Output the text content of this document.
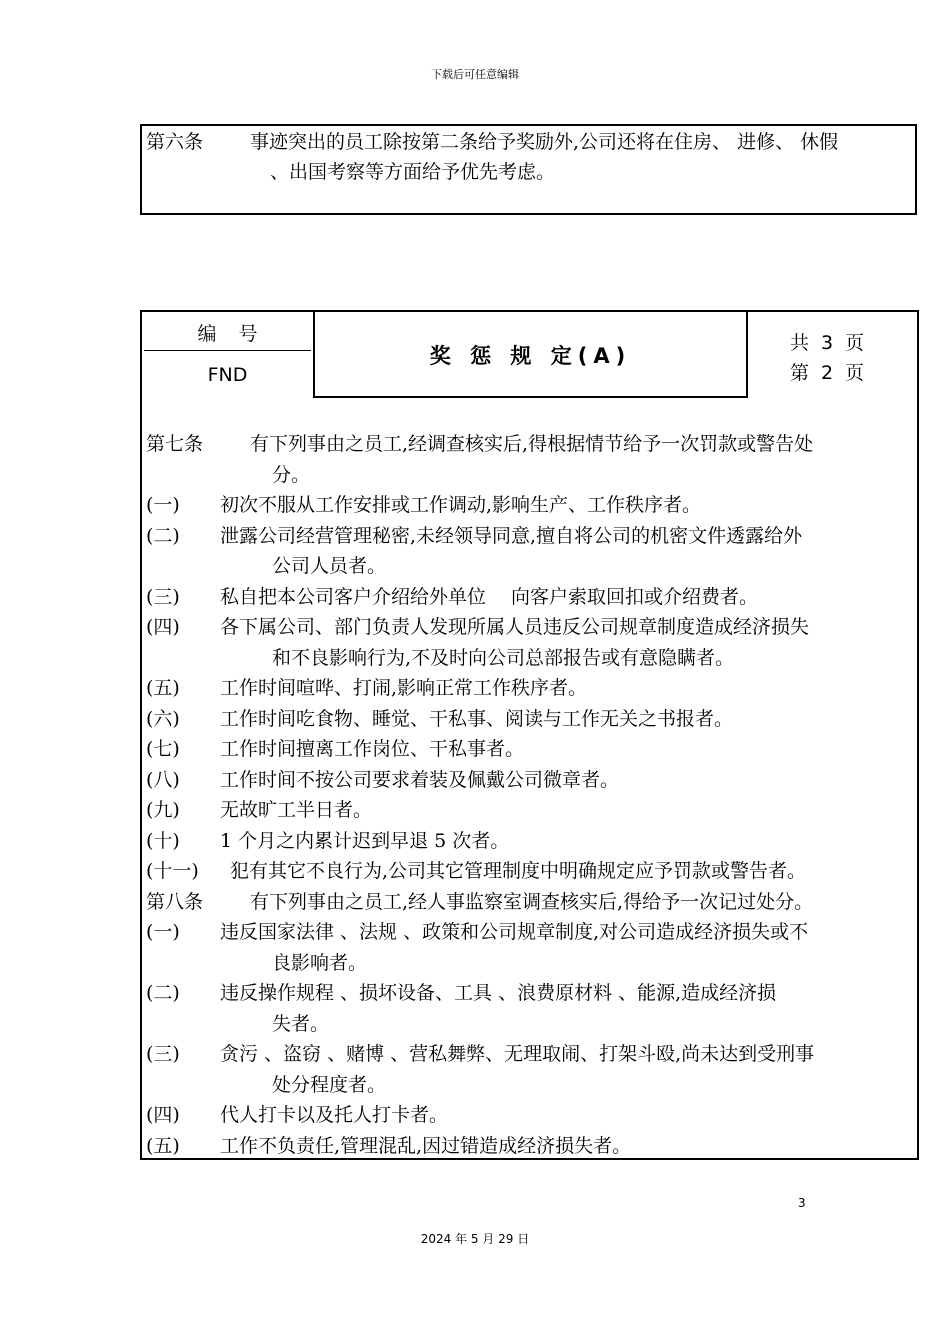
下载后可任意编辑
第六条 事迹突出的员工除按第二条给予奖励外,公司还将在住房、 进修、 休假
、出国考察等方面给予优先考虑。
编号
FND
奖 惩 规 定(A)
共 3 页
第 2 页
第七条 有下列事由之员工,经调查核实后,得根据情节给予一次罚款或警告处
分。
(一) 初次不服从工作安排或工作调动,影响生产、工作秩序者。
(二) 泄露公司经营管理秘密,未经领导同意,擅自将公司的机密文件透露给外
公司人员者。
(三) 私自把本公司客户介绍给外单位　 向客户索取回扣或介绍费者。
(四) 各下属公司、部门负责人发现所属人员违反公司规章制度造成经济损失
和不良影响行为,不及时向公司总部报告或有意隐瞒者。
(五) 工作时间喧哗、打闹,影响正常工作秩序者。
(六) 工作时间吃食物、睡觉、干私事、阅读与工作无关之书报者。
(七) 工作时间擅离工作岗位、干私事者。
(八) 工作时间不按公司要求着装及佩戴公司微章者。
(九) 无故旷工半日者。
(十) 1 个月之内累计迟到早退 5 次者。
(十一) 犯有其它不良行为,公司其它管理制度中明确规定应予罚款或警告者。
第八条 有下列事由之员工,经人事监察室调查核实后,得给予一次记过处分。
(一) 违反国家法律 、法规 、政策和公司规章制度,对公司造成经济损失或不
良影响者。
(二) 违反操作规程 、损坏设备、工具 、浪费原材料 、能源,造成经济损
失者。
(三) 贪污 、盗窃 、赌博 、营私舞弊、无理取闹、打架斗殴,尚未达到受刑事
处分程度者。
(四) 代人打卡以及托人打卡者。
(五) 工作不负责任,管理混乱,因过错造成经济损失者。
3
2024 年 5 月 29 日
